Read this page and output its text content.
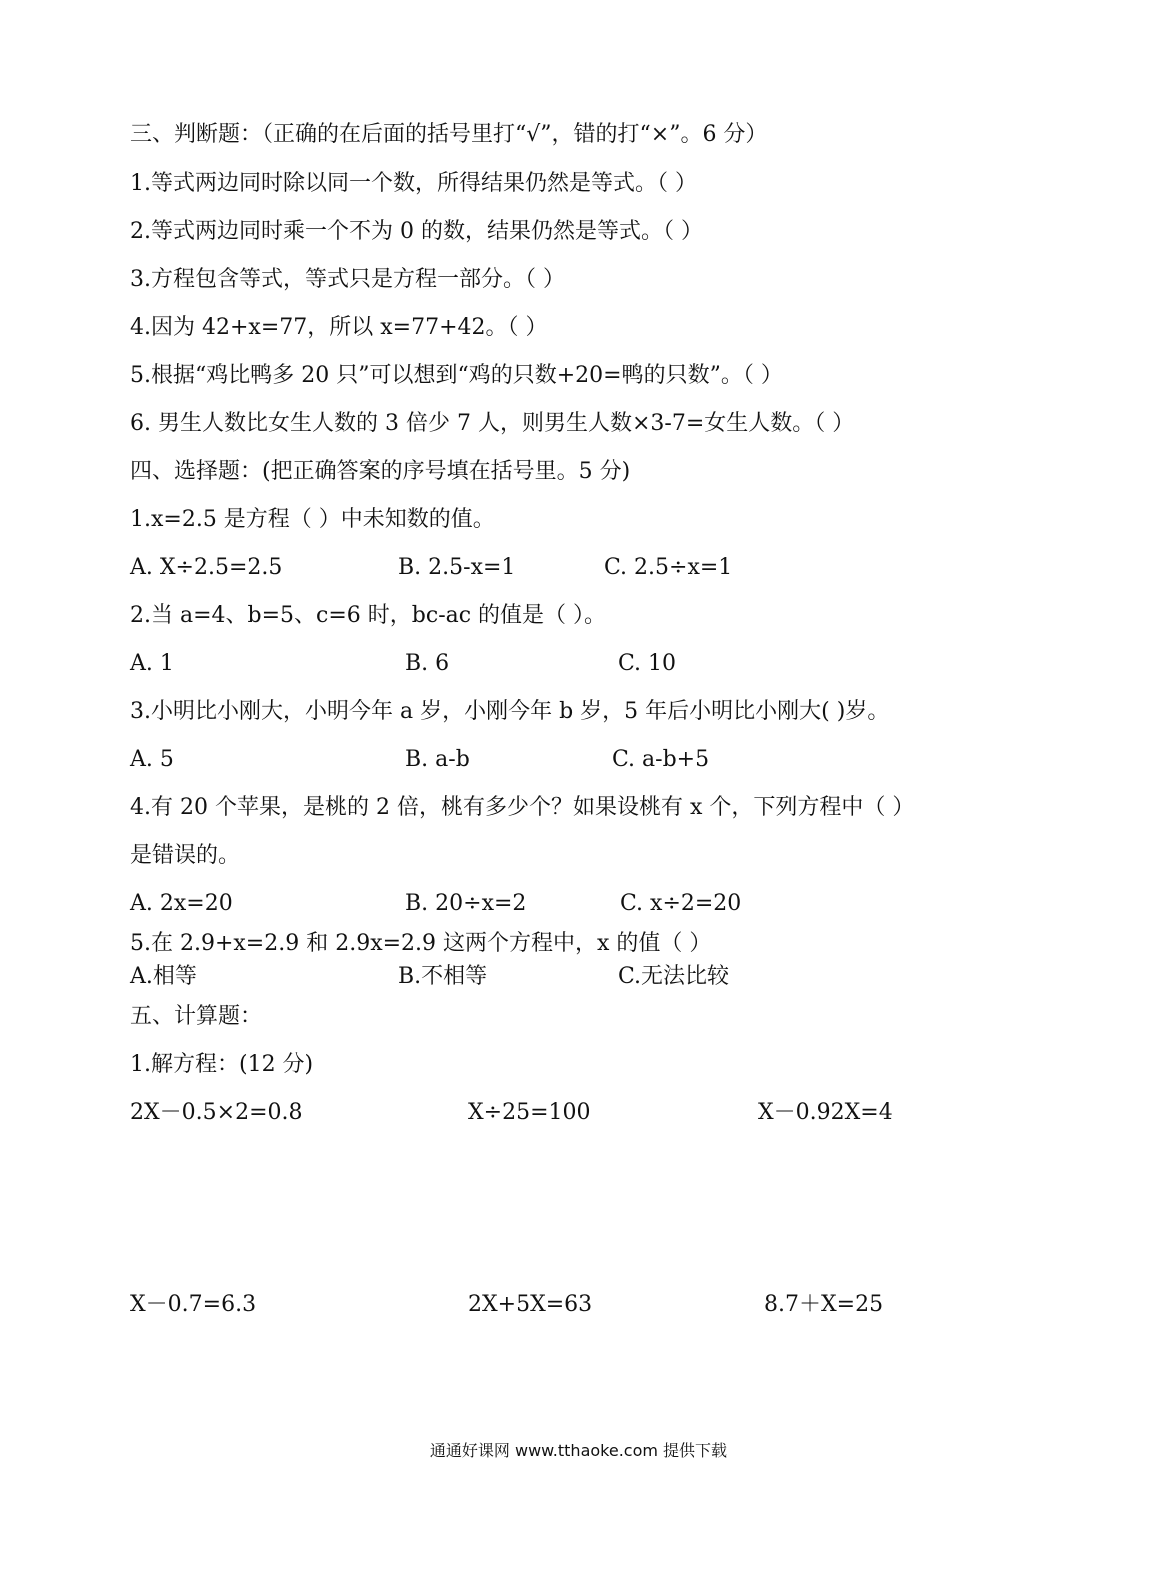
三、判断题：（正确的在后面的括号里打“√”，错的打“×”。6 分）
1.等式两边同时除以同一个数，所得结果仍然是等式。（ ）
2.等式两边同时乘一个不为 0 的数，结果仍然是等式。（ ）
3.方程包含等式，等式只是方程一部分。（ ）
4.因为 42+x=77，所以 x=77+42。（ ）
5.根据“鸡比鸭多 20 只”可以想到“鸡的只数+20=鸭的只数”。（ ）
6. 男生人数比女生人数的 3 倍少 7 人，则男生人数×3-7=女生人数。（ ）
四、选择题：(把正确答案的序号填在括号里。5 分)
1.x=2.5 是方程（ ）中未知数的值。
A. X÷2.5=2.5	B. 2.5-x=1	C. 2.5÷x=1
2.当 a=4、b=5、c=6 时，bc-ac 的值是（ ）。
A. 1	B. 6	C. 10
3.小明比小刚大，小明今年 a 岁，小刚今年 b 岁，5 年后小明比小刚大( )岁。
A. 5	B. a-b	C. a-b+5
4.有 20 个苹果，是桃的 2 倍，桃有多少个？如果设桃有 x 个，下列方程中（ ）
是错误的。
A. 2x=20	B. 20÷x=2	C. x÷2=20
5.在 2.9+x=2.9 和 2.9x=2.9 这两个方程中，x 的值（ ）
A.相等	B.不相等	C.无法比较
五、计算题：
1.解方程：(12 分)
2X－0.5×2=0.8	X÷25=100	X－0.92X=4
X－0.7=6.3	2X+5X=63	8.7＋X=25
通通好课网 www.tthaoke.com 提供下载
